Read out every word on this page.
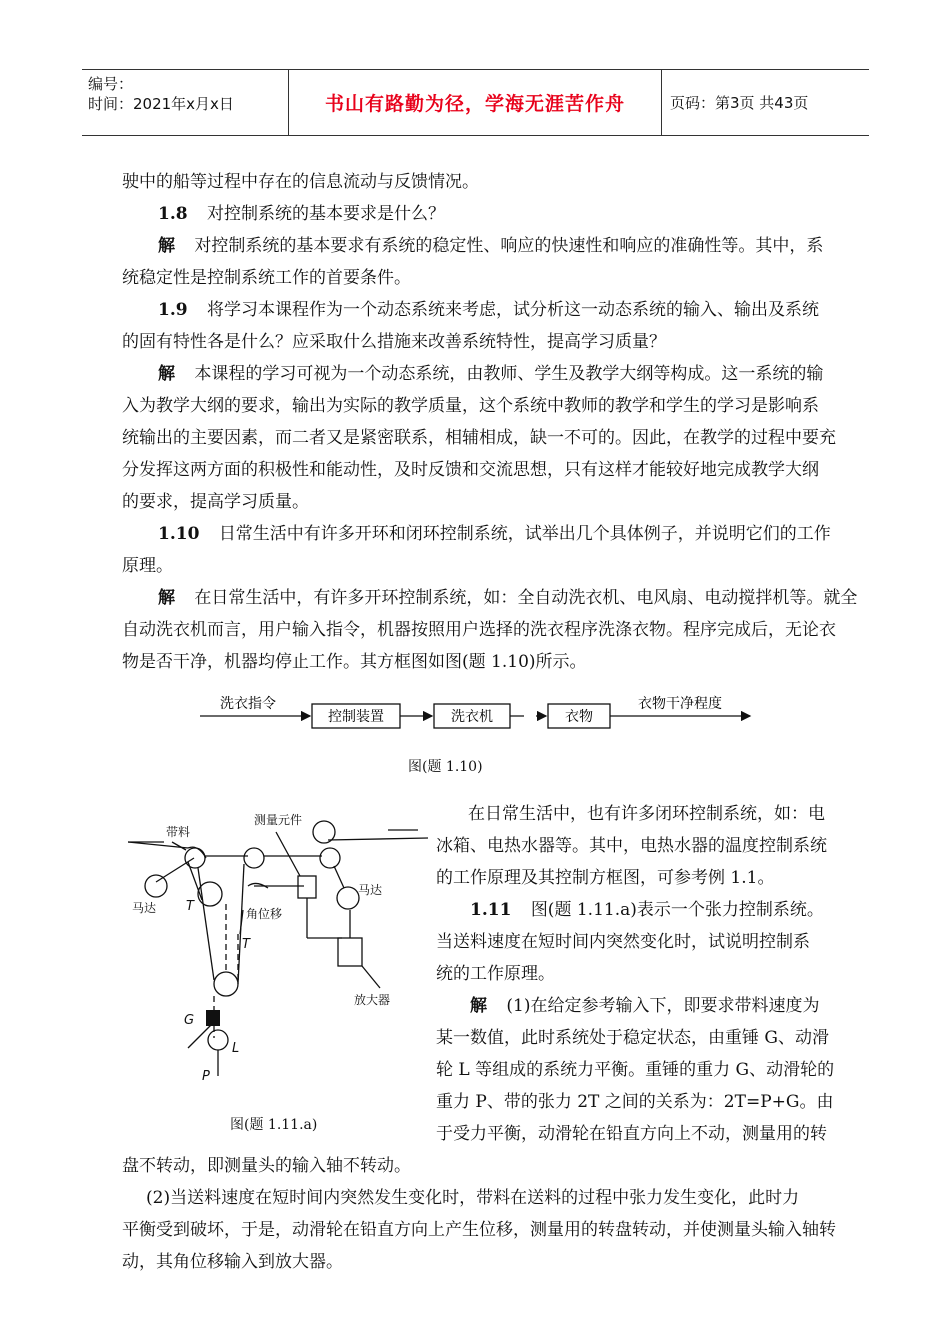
编号：
时间：2021年x月x日	书山有路勤为径，学海无涯苦作舟	页码：第3页 共43页
驶中的船等过程中存在的信息流动与反馈情况。
1.8 对控制系统的基本要求是什么？
解 对控制系统的基本要求有系统的稳定性、响应的快速性和响应的准确性等。其中，系
统稳定性是控制系统工作的首要条件。
1.9 将学习本课程作为一个动态系统来考虑，试分析这一动态系统的输入、输出及系统
的固有特性各是什么？应采取什么措施来改善系统特性，提高学习质量？
解 本课程的学习可视为一个动态系统，由教师、学生及教学大纲等构成。这一系统的输
入为教学大纲的要求，输出为实际的教学质量，这个系统中教师的教学和学生的学习是影响系
统输出的主要因素，而二者又是紧密联系，相辅相成，缺一不可的。因此，在教学的过程中要充
分发挥这两方面的积极性和能动性，及时反馈和交流思想，只有这样才能较好地完成教学大纲
的要求，提高学习质量。
1.10 日常生活中有许多开环和闭环控制系统，试举出几个具体例子，并说明它们的工作
原理。
解 在日常生活中，有许多开环控制系统，如：全自动洗衣机、电风扇、电动搅拌机等。就全
自动洗衣机而言，用户输入指令，机器按照用户选择的洗衣程序洗涤衣物。程序完成后，无论衣
物是否干净，机器均停止工作。其方框图如图(题 1.10)所示。
洗衣指令
控制装置	洗衣机	衣物
衣物干净程度
图(题 1.10)
带料
测量元件
马达
马达
T
T
角位移
放大器
G
L
P
图(题 1.11.a)
在日常生活中，也有许多闭环控制系统，如：电
冰箱、电热水器等。其中，电热水器的温度控制系统
的工作原理及其控制方框图，可参考例 1.1。
1.11 图(题 1.11.a)表示一个张力控制系统。
当送料速度在短时间内突然变化时，试说明控制系
统的工作原理。
解 (1)在给定参考输入下，即要求带料速度为
某一数值，此时系统处于稳定状态，由重锤 G、动滑
轮 L 等组成的系统力平衡。重锤的重力 G、动滑轮的
重力 P、带的张力 2T 之间的关系为：2T=P+G。由
于受力平衡，动滑轮在铅直方向上不动，测量用的转
盘不转动，即测量头的输入轴不转动。
(2)当送料速度在短时间内突然发生变化时，带料在送料的过程中张力发生变化，此时力
平衡受到破坏，于是，动滑轮在铅直方向上产生位移，测量用的转盘转动，并使测量头输入轴转
动，其角位移输入到放大器。
